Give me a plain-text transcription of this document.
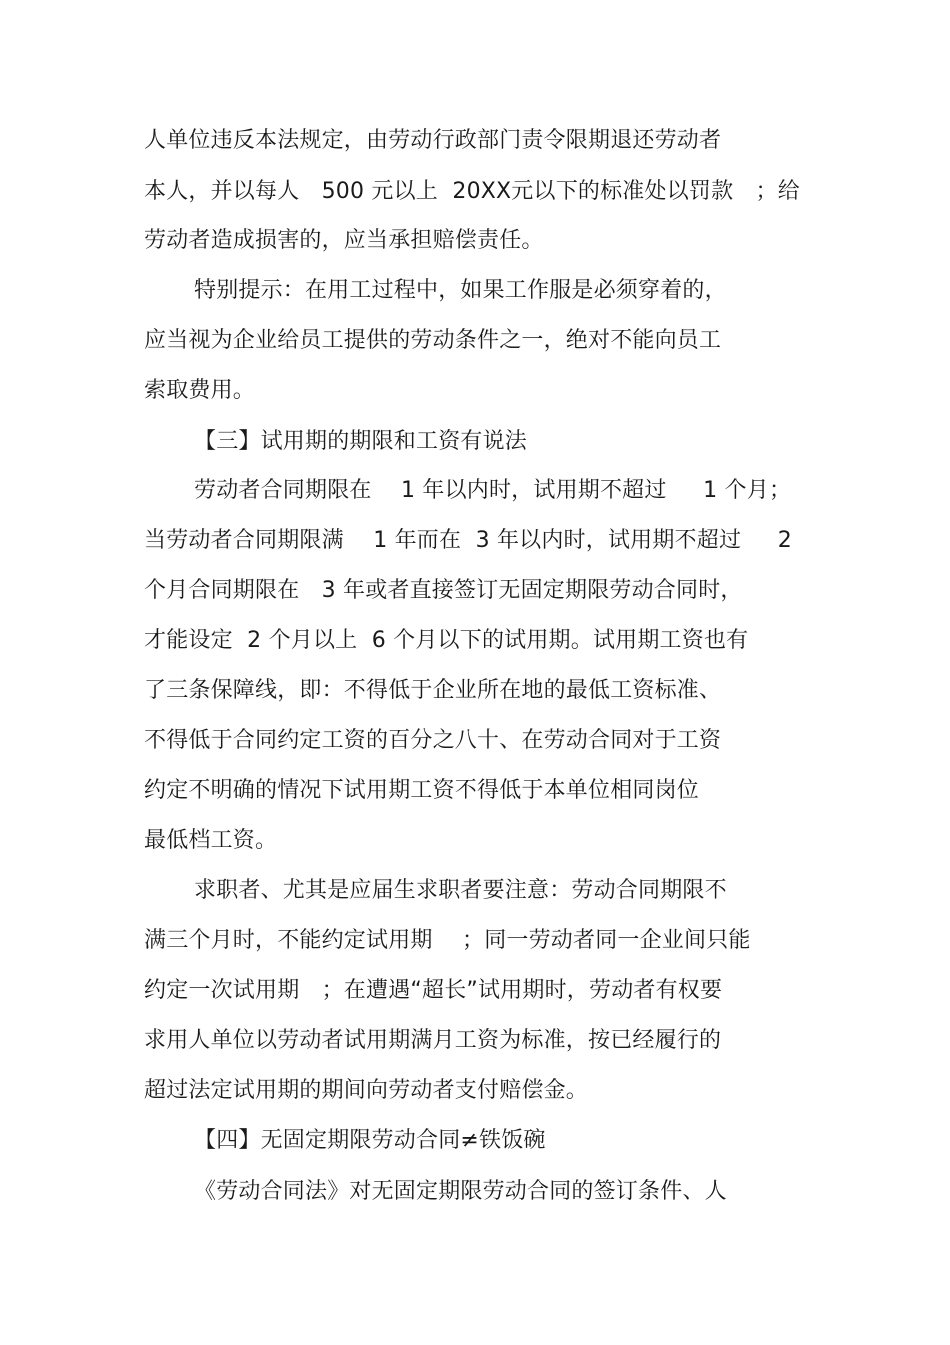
人单位违反本法规定，由劳动行政部门责令限期退还劳动者
本人，并以每人　500 元以上  20XX元以下的标准处以罚款　；给
劳动者造成损害的，应当承担赔偿责任。
特别提示：在用工过程中，如果工作服是必须穿着的，
应当视为企业给员工提供的劳动条件之一，绝对不能向员工
索取费用。
【三】试用期的期限和工资有说法
劳动者合同期限在　 1 年以内时，试用期不超过　  1 个月；
当劳动者合同期限满　 1 年而在  3 年以内时，试用期不超过　  2
个月合同期限在　3 年或者直接签订无固定期限劳动合同时，
才能设定  2 个月以上  6 个月以下的试用期。试用期工资也有
了三条保障线，即：不得低于企业所在地的最低工资标准、
不得低于合同约定工资的百分之八十、在劳动合同对于工资
约定不明确的情况下试用期工资不得低于本单位相同岗位
最低档工资。
求职者、尤其是应届生求职者要注意：劳动合同期限不
满三个月时，不能约定试用期　 ；同一劳动者同一企业间只能
约定一次试用期　；在遭遇“超长”试用期时，劳动者有权要
求用人单位以劳动者试用期满月工资为标准，按已经履行的
超过法定试用期的期间向劳动者支付赔偿金。
【四】无固定期限劳动合同≠铁饭碗
《劳动合同法》对无固定期限劳动合同的签订条件、人
